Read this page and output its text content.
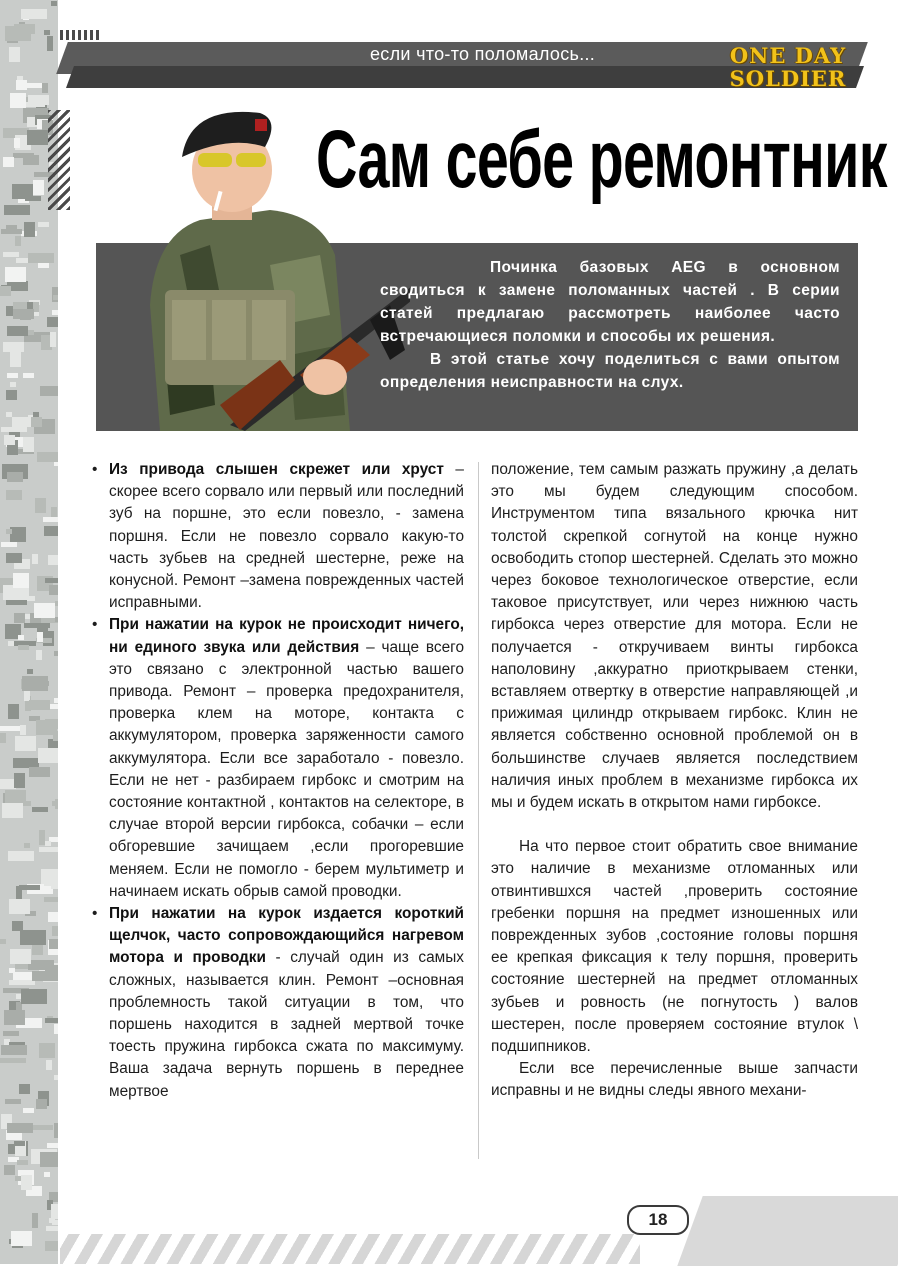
если что-то поломалось...	ONE DAY
SOLDIER
Сам себе ремонтник

Починка базовых AEG в основном сводиться к замене поломанных частей . В серии статей предлагаю рассмотреть наиболее часто встречающиеся поломки и способы их решения.

В этой статье хочу поделиться с вами опытом определения неисправности на слух.

• Из привода слышен скрежет или хруст – скорее всего сорвало или первый или последний зуб на поршне, это если повезло, - замена поршня. Если не повезло сорвало какую-то часть зубьев на средней шестерне, реже на конусной. Ремонт –замена поврежденных частей исправными.
• При нажатии на курок не происходит ничего, ни единого звука или действия – чаще всего это связано с электронной частью вашего привода. Ремонт – проверка предохранителя, проверка клем на моторе, контакта с аккумулятором, проверка заряженности самого аккумулятора. Если все заработало - повезло. Если не нет - разбираем гирбокс и смотрим на состояние контактной , контактов на селекторе, в случае второй версии гирбокса, собачки – если обгоревшие зачищаем ,если прогоревшие меняем. Если не помогло - берем мультиметр и начинаем искать обрыв самой проводки.
• При нажатии на курок издается короткий щелчок, часто сопровождающийся нагревом мотора и проводки - случай один из самых сложных, называется клин. Ремонт –основная проблемность такой ситуации в том, что поршень находится в задней мертвой точке тоесть пружина гирбокса сжата по максимуму. Ваша задача вернуть поршень в переднее мертвое

положение, тем самым разжать пружину ,а делать это мы будем следующим способом. Инструментом типа вязального крючка нит толстой скрепкой согнутой на конце нужно освободить стопор шестерней. Сделать это можно через боковое технологическое отверстие, если таковое присутствует, или через нижнюю часть гирбокса через отверстие для мотора. Если не получается - откручиваем винты гирбокса наполовину ,аккуратно приоткрываем стенки, вставляем отвертку в отверстие направляющей ,и прижимая цилиндр открываем гирбокс. Клин не является собственно основной проблемой он в большинстве случаев является последствием наличия иных проблем в механизме гирбокса их мы и будем искать в открытом нами гирбоксе.

На что первое стоит обратить свое внимание это наличие в механизме отломанных или отвинтившхся частей ,проверить состояние гребенки поршня на предмет изношенных или поврежденных зубов ,состояние головы поршня ее крепкая фиксация к телу поршня, проверить состояние шестерней на предмет отломанных зубьев и ровность (не погнутость ) валов шестерен, после проверяем состояние втулок \ подшипников.

Если все перечисленные выше запчасти исправны и не видны следы явного механи-

18
